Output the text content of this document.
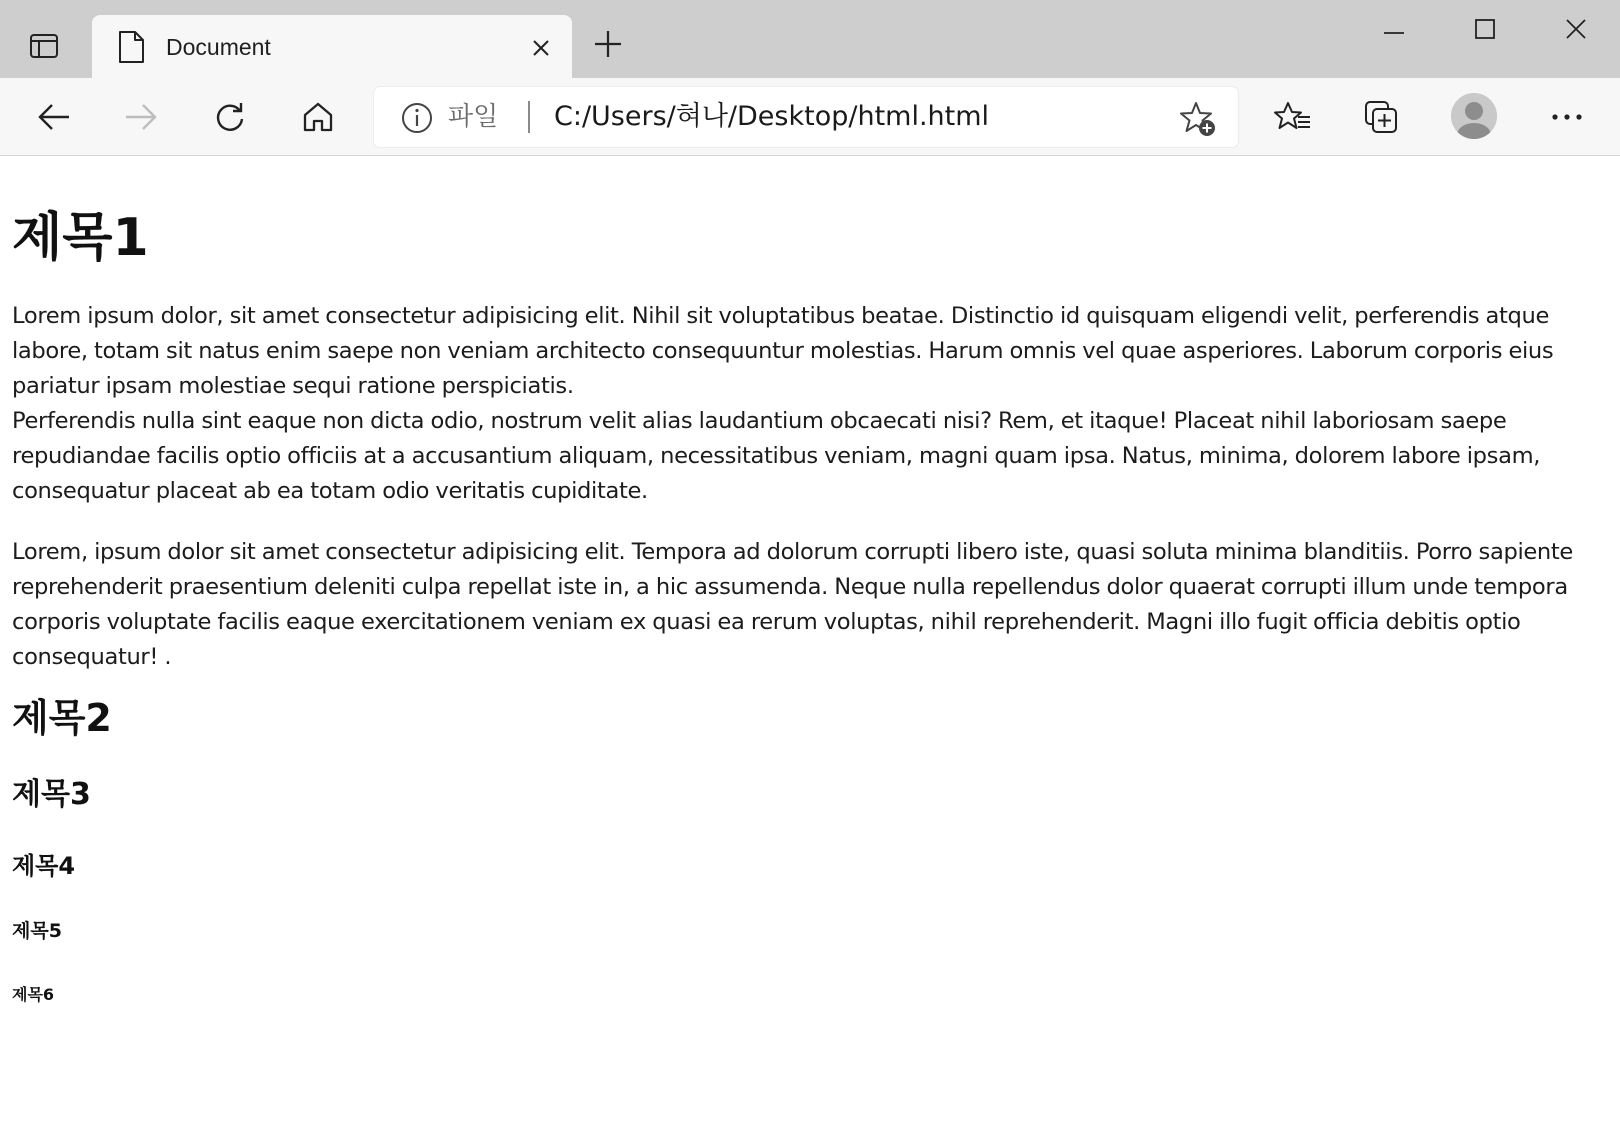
Document
파일 C:/Users/혀나/Desktop/html.html
제목1

Lorem ipsum dolor, sit amet consectetur adipisicing elit. Nihil sit voluptatibus beatae. Distinctio id quisquam eligendi velit, perferendis atque labore, totam sit natus enim saepe non veniam architecto consequuntur molestias. Harum omnis vel quae asperiores. Laborum corporis eius pariatur ipsam molestiae sequi ratione perspiciatis.
Perferendis nulla sint eaque non dicta odio, nostrum velit alias laudantium obcaecati nisi? Rem, et itaque! Placeat nihil laboriosam saepe repudiandae facilis optio officiis at a accusantium aliquam, necessitatibus veniam, magni quam ipsa. Natus, minima, dolorem labore ipsam, consequatur placeat ab ea totam odio veritatis cupiditate.

Lorem, ipsum dolor sit amet consectetur adipisicing elit. Tempora ad dolorum corrupti libero iste, quasi soluta minima blanditiis. Porro sapiente reprehenderit praesentium deleniti culpa repellat iste in, a hic assumenda. Neque nulla repellendus dolor quaerat corrupti illum unde tempora corporis voluptate facilis eaque exercitationem veniam ex quasi ea rerum voluptas, nihil reprehenderit. Magni illo fugit officia debitis optio consequatur! .

제목2
제목3
제목4
제목5
제목6
